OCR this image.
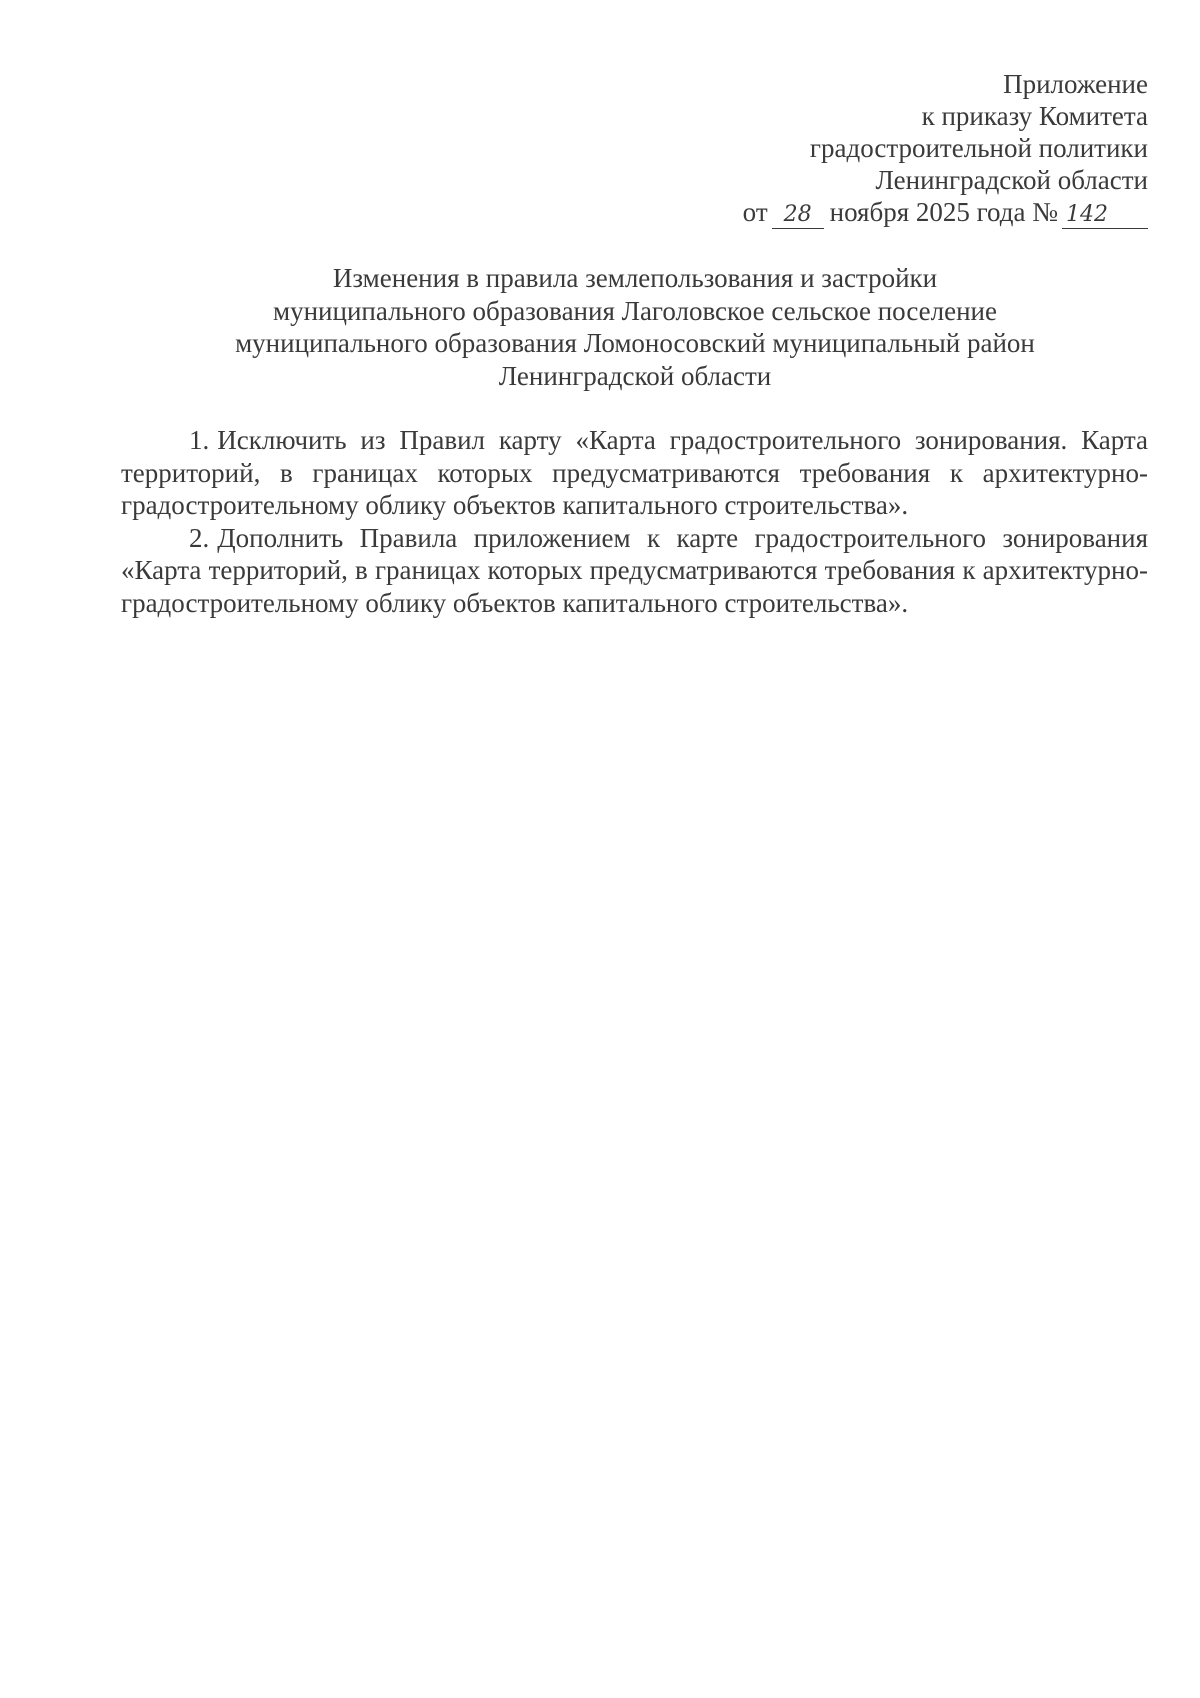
Приложение
к приказу Комитета
градостроительной политики
Ленинградской области
от 28 ноября 2025 года № 142
Изменения в правила землепользования и застройки
муниципального образования Лаголовское сельское поселение
муниципального образования Ломоносовский муниципальный район
Ленинградской области

1. Исключить из Правил карту «Карта градостроительного зонирования. Карта территорий, в границах которых предусматриваются требования к архитектурно-градостроительному облику объектов капитального строительства».

2. Дополнить Правила приложением к карте градостроительного зонирования «Карта территорий, в границах которых предусматриваются требования к архитектурно-градостроительному облику объектов капитального строительства».
